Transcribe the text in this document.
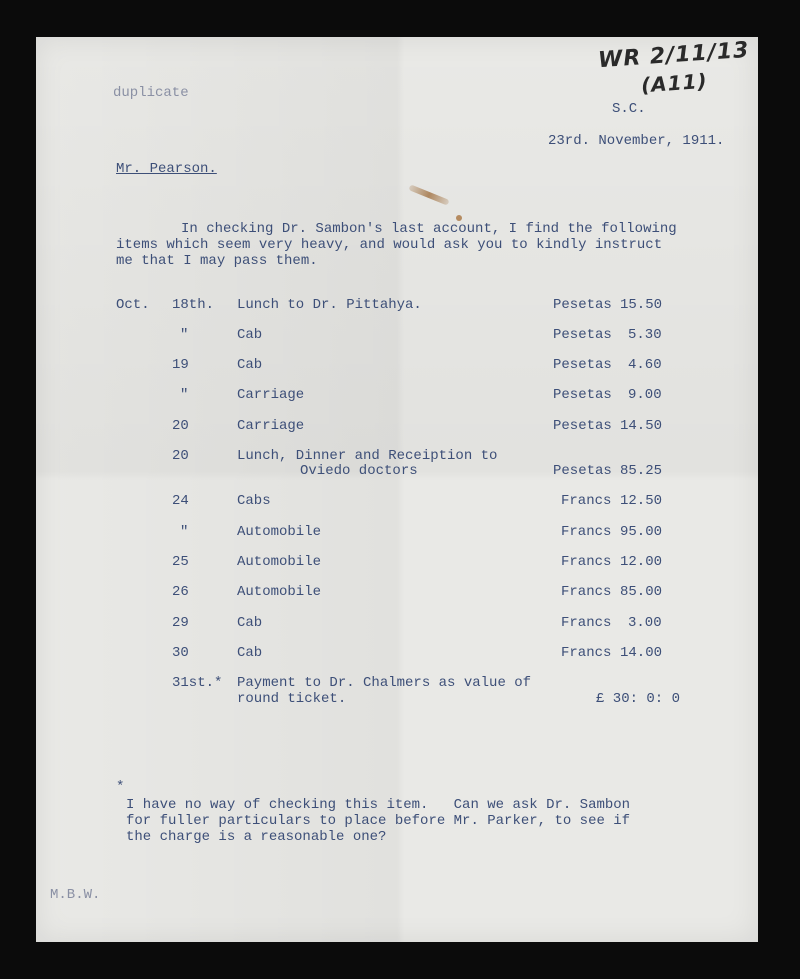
duplicate
WR 2/11/13
(A11)
S.C.
23rd. November, 1911.
Mr. Pearson.
In checking Dr. Sambon's last account, I find the following
items which seem very heavy, and would ask you to kindly instruct
me that I may pass them.
Oct. 18th. Lunch to Dr. Pittahya.	Pesetas 15.50
"	Cab	Pesetas 5.30
19	Cab	Pesetas 4.60
"	Carriage	Pesetas 9.00
20	Carriage	Pesetas 14.50
20	Lunch, Dinner and Receiption to
Oviedo doctors	Pesetas 85.25
24	Cabs	Francs 12.50
"	Automobile	Francs 95.00
25	Automobile	Francs 12.00
26	Automobile	Francs 85.00
29	Cab	Francs 3.00
30	Cab	Francs 14.00
31st.* Payment to Dr. Chalmers as value of
round ticket.	£ 30: 0: 0
*
I have no way of checking this item.   Can we ask Dr. Sambon
for fuller particulars to place before Mr. Parker, to see if
the charge is a reasonable one?
M.B.W.
